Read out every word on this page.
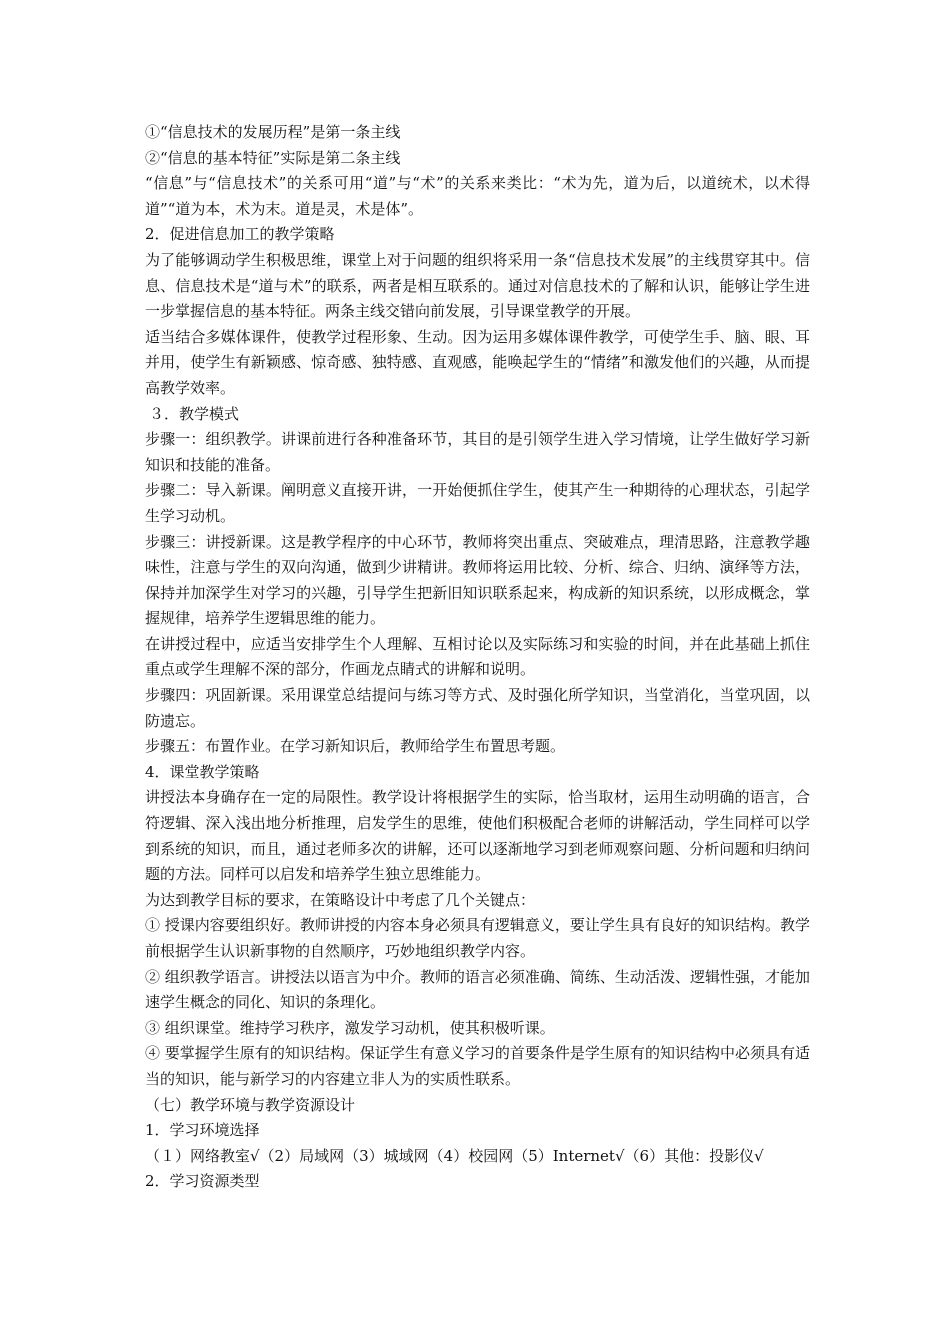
①“信息技术的发展历程”是第一条主线

②“信息的基本特征”实际是第二条主线

“信息”与“信息技术”的关系可用“道”与“术”的关系来类比：“术为先，道为后，以道统术，以术得道”“道为本，术为末。道是灵，术是体”。

2．促进信息加工的教学策略

为了能够调动学生积极思维，课堂上对于问题的组织将采用一条“信息技术发展”的主线贯穿其中。信息、信息技术是“道与术”的联系，两者是相互联系的。通过对信息技术的了解和认识，能够让学生进一步掌握信息的基本特征。两条主线交错向前发展，引导课堂教学的开展。

适当结合多媒体课件，使教学过程形象、生动。因为运用多媒体课件教学，可使学生手、脑、眼、耳并用，使学生有新颖感、惊奇感、独特感、直观感，能唤起学生的“情绪”和激发他们的兴趣，从而提高教学效率。

３．教学模式

步骤一：组织教学。讲课前进行各种准备环节，其目的是引领学生进入学习情境，让学生做好学习新知识和技能的准备。

步骤二：导入新课。阐明意义直接开讲，一开始便抓住学生，使其产生一种期待的心理状态，引起学生学习动机。

步骤三：讲授新课。这是教学程序的中心环节，教师将突出重点、突破难点，理清思路，注意教学趣味性，注意与学生的双向沟通，做到少讲精讲。教师将运用比较、分析、综合、归纳、演绎等方法，保持并加深学生对学习的兴趣，引导学生把新旧知识联系起来，构成新的知识系统，以形成概念，掌握规律，培养学生逻辑思维的能力。

在讲授过程中，应适当安排学生个人理解、互相讨论以及实际练习和实验的时间，并在此基础上抓住重点或学生理解不深的部分，作画龙点睛式的讲解和说明。

步骤四：巩固新课。采用课堂总结提问与练习等方式、及时强化所学知识，当堂消化，当堂巩固，以防遗忘。

步骤五：布置作业。在学习新知识后，教师给学生布置思考题。

4．课堂教学策略

讲授法本身确存在一定的局限性。教学设计将根据学生的实际，恰当取材，运用生动明确的语言，合符逻辑、深入浅出地分析推理，启发学生的思维，使他们积极配合老师的讲解活动，学生同样可以学到系统的知识，而且，通过老师多次的讲解，还可以逐渐地学习到老师观察问题、分析问题和归纳问题的方法。同样可以启发和培养学生独立思维能力。

为达到教学目标的要求，在策略设计中考虑了几个关键点：

① 授课内容要组织好。教师讲授的内容本身必须具有逻辑意义，要让学生具有良好的知识结构。教学前根据学生认识新事物的自然顺序，巧妙地组织教学内容。

② 组织教学语言。讲授法以语言为中介。教师的语言必须准确、简练、生动活泼、逻辑性强，才能加速学生概念的同化、知识的条理化。

③ 组织课堂。维持学习秩序，激发学习动机，使其积极听课。

④ 要掌握学生原有的知识结构。保证学生有意义学习的首要条件是学生原有的知识结构中必须具有适当的知识，能与新学习的内容建立非人为的实质性联系。

（七）教学环境与教学资源设计

1．学习环境选择

（１）网络教室√（2）局域网（3）城域网（4）校园网（5）Internet√（6）其他：投影仪√

2．学习资源类型
